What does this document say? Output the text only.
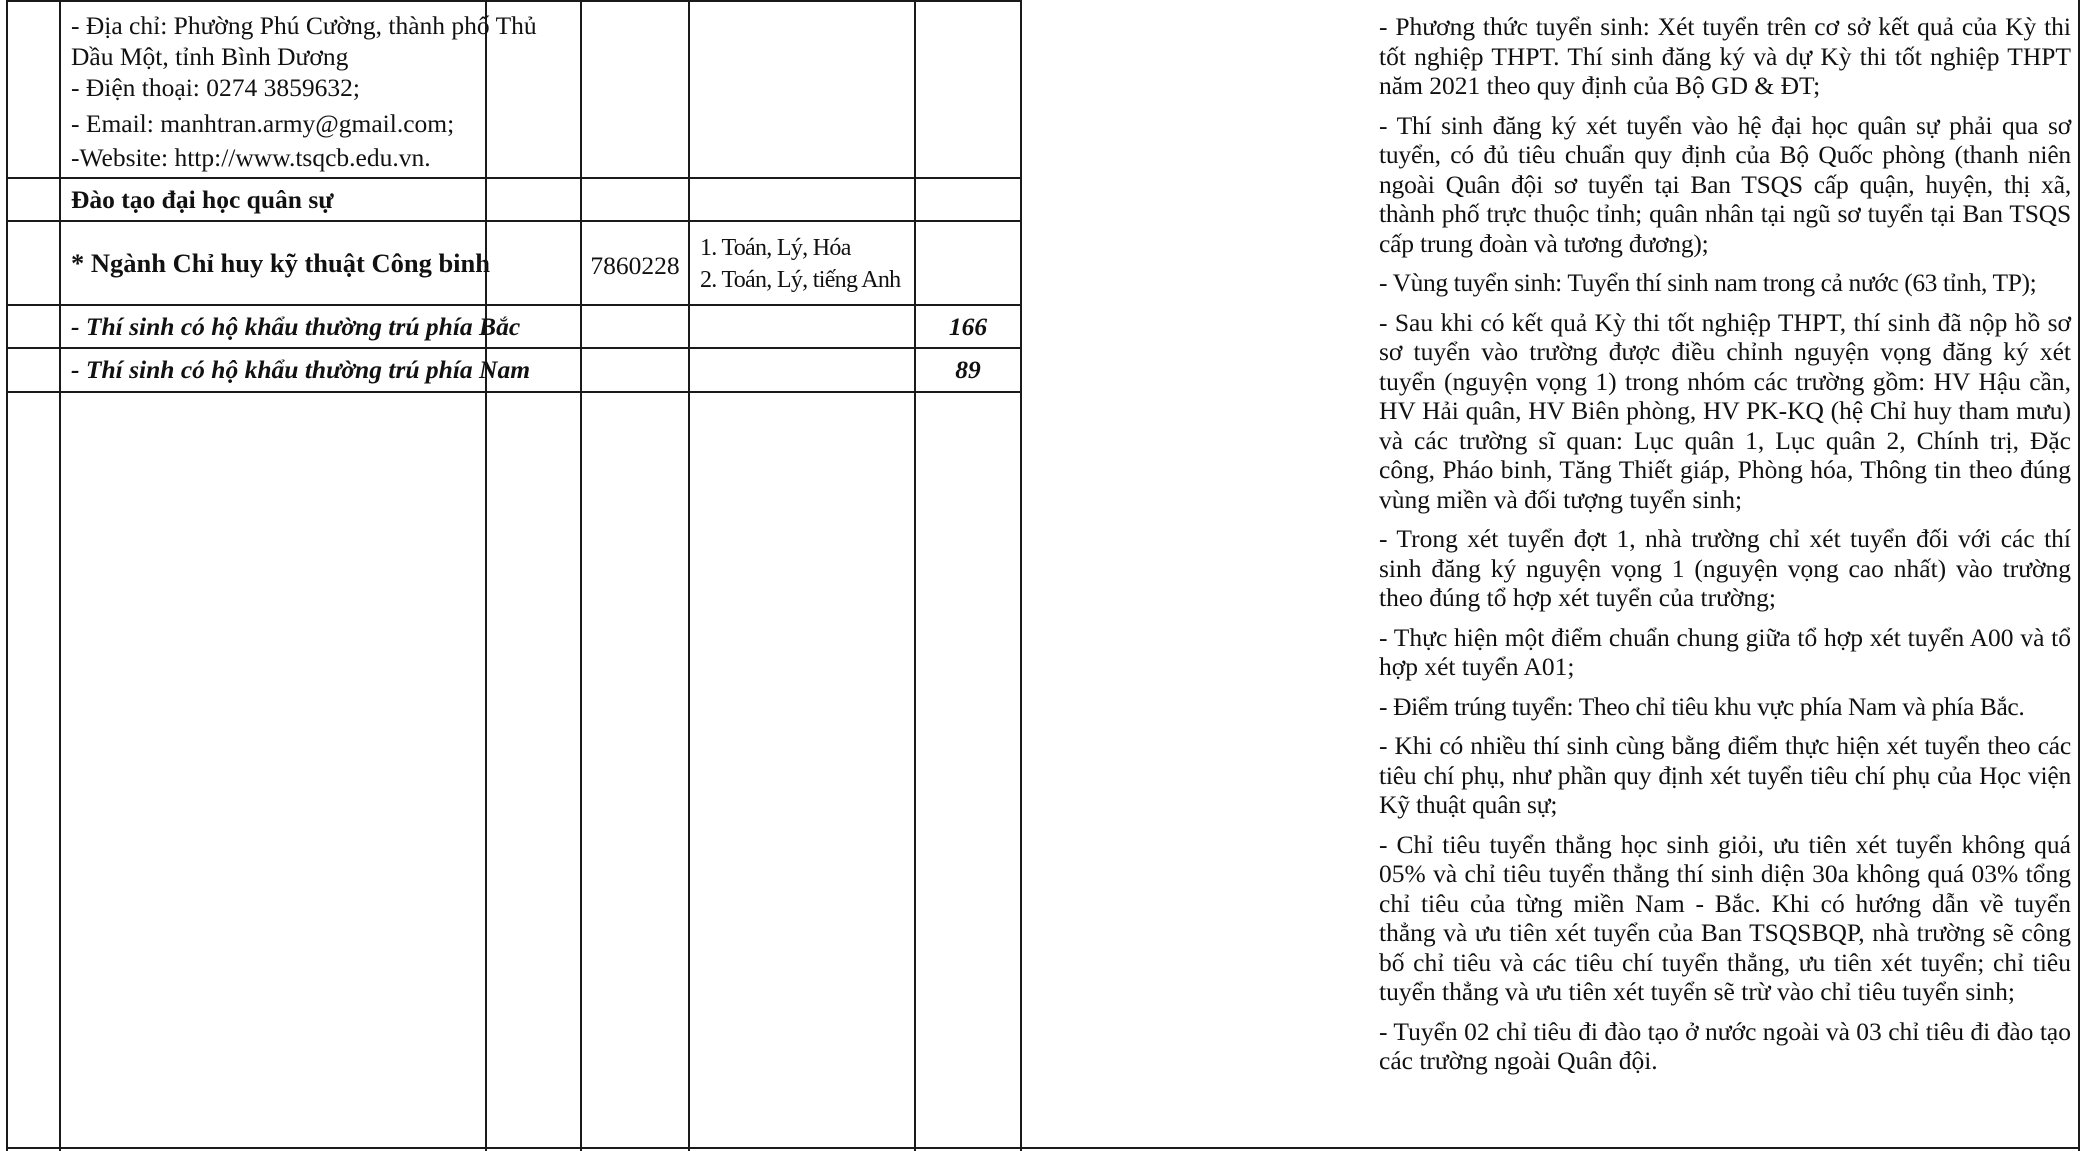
- Địa chỉ: Phường Phú Cường, thành phố Thủ
Dầu Một, tỉnh Bình Dương
- Điện thoại: 0274 3859632;
- Email: manhtran.army@gmail.com;
-Website: http://www.tsqcb.edu.vn.
Đào tạo đại học quân sự
* Ngành Chỉ huy kỹ thuật Công binh	7860228
1. Toán, Lý, Hóa
2. Toán, Lý, tiếng Anh
- Thí sinh có hộ khẩu thường trú phía Bắc	166
- Thí sinh có hộ khẩu thường trú phía Nam	89

- Phương thức tuyển sinh: Xét tuyển trên cơ sở kết quả của Kỳ thi tốt nghiệp THPT. Thí sinh đăng ký và dự Kỳ thi tốt nghiệp THPT năm 2021 theo quy định của Bộ GD & ĐT;

- Thí sinh đăng ký xét tuyển vào hệ đại học quân sự phải qua sơ tuyển, có đủ tiêu chuẩn quy định của Bộ Quốc phòng (thanh niên ngoài Quân đội sơ tuyển tại Ban TSQS cấp quận, huyện, thị xã, thành phố trực thuộc tỉnh; quân nhân tại ngũ sơ tuyển tại Ban TSQS cấp trung đoàn và tương đương);

- Vùng tuyển sinh: Tuyển thí sinh nam trong cả nước (63 tỉnh, TP);

- Sau khi có kết quả Kỳ thi tốt nghiệp THPT, thí sinh đã nộp hồ sơ sơ tuyển vào trường được điều chỉnh nguyện vọng đăng ký xét tuyển (nguyện vọng 1) trong nhóm các trường gồm: HV Hậu cần, HV Hải quân, HV Biên phòng, HV PK-KQ (hệ Chỉ huy tham mưu) và các trường sĩ quan: Lục quân 1, Lục quân 2, Chính trị, Đặc công, Pháo binh, Tăng Thiết giáp, Phòng hóa, Thông tin theo đúng vùng miền và đối tượng tuyển sinh;

- Trong xét tuyển đợt 1, nhà trường chỉ xét tuyển đối với các thí sinh đăng ký nguyện vọng 1 (nguyện vọng cao nhất) vào trường theo đúng tổ hợp xét tuyển của trường;

- Thực hiện một điểm chuẩn chung giữa tổ hợp xét tuyển A00 và tổ hợp xét tuyển A01;

- Điểm trúng tuyển: Theo chỉ tiêu khu vực phía Nam và phía Bắc.

- Khi có nhiều thí sinh cùng bằng điểm thực hiện xét tuyển theo các tiêu chí phụ, như phần quy định xét tuyển tiêu chí phụ của Học viện Kỹ thuật quân sự;

- Chỉ tiêu tuyển thẳng học sinh giỏi, ưu tiên xét tuyển không quá 05% và chỉ tiêu tuyển thẳng thí sinh diện 30a không quá 03% tổng chỉ tiêu của từng miền Nam - Bắc. Khi có hướng dẫn về tuyển thẳng và ưu tiên xét tuyển của Ban TSQSBQP, nhà trường sẽ công bố chỉ tiêu và các tiêu chí tuyển thẳng, ưu tiên xét tuyển; chỉ tiêu tuyển thẳng và ưu tiên xét tuyển sẽ trừ vào chỉ tiêu tuyển sinh;

- Tuyển 02 chỉ tiêu đi đào tạo ở nước ngoài và 03 chỉ tiêu đi đào tạo các trường ngoài Quân đội.
